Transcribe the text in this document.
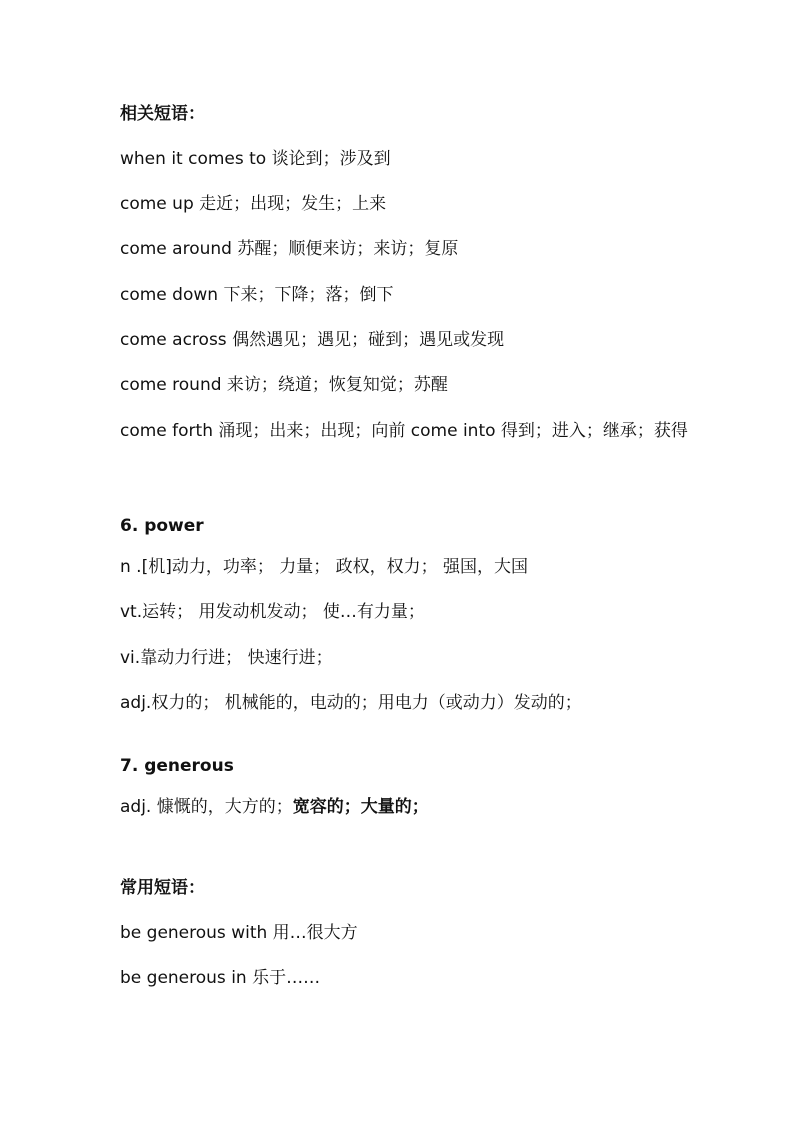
相关短语：
when it comes to 谈论到；涉及到
come up 走近；出现；发生；上来
come around 苏醒；顺便来访；来访；复原
come down 下来；下降；落；倒下
come across 偶然遇见；遇见；碰到；遇见或发现
come round 来访；绕道；恢复知觉；苏醒
come forth 涌现；出来；出现；向前 come into 得到；进入；继承；获得
6. power
n .[机]动力，功率； 力量； 政权，权力； 强国，大国
vt.运转； 用发动机发动； 使…有力量；
vi.靠动力行进； 快速行进；
adj.权力的； 机械能的，电动的；用电力（或动力）发动的；
7. generous
adj. 慷慨的，大方的；宽容的；大量的；
常用短语：
be generous with 用…很大方
be generous in 乐于……
